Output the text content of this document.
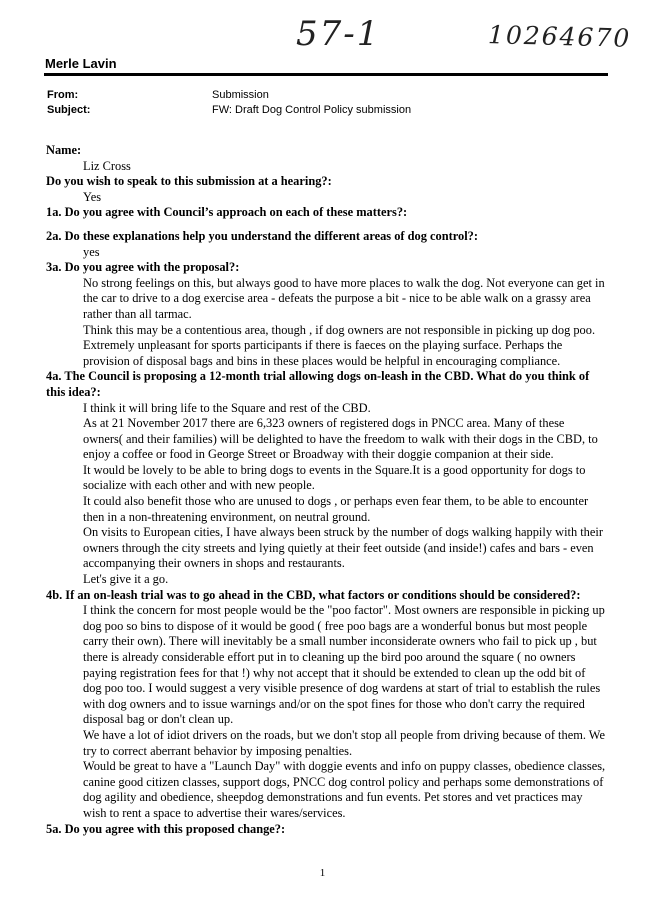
57-1	10264670
Merle Lavin
From:	Submission
Subject:	FW: Draft Dog Control Policy submission

Name:

Liz Cross

Do you wish to speak to this submission at a hearing?:

Yes

1a. Do you agree with Council’s approach on each of these matters?:

2a. Do these explanations help you understand the different areas of dog control?:

yes

3a. Do you agree with the proposal?:

No strong feelings on this, but always good to have more places to walk the dog. Not everyone can get in the car to drive to a dog exercise area - defeats the purpose a bit - nice to be able walk on a grassy area rather than all tarmac.

Think this may be a contentious area, though , if dog owners are not responsible in picking up dog poo. Extremely unpleasant for sports participants if there is faeces on the playing surface. Perhaps the provision of disposal bags and bins in these places would be helpful in encouraging compliance.

4a. The Council is proposing a 12-month trial allowing dogs on-leash in the CBD. What do you think of this idea?:

I think it will bring life to the Square and rest of the CBD.

As at 21 November 2017 there are 6,323 owners of registered dogs in PNCC area. Many of these owners( and their families) will be delighted to have the freedom to walk with their dogs in the CBD, to enjoy a coffee or food in George Street or Broadway with their doggie companion at their side.

It would be lovely to be able to bring dogs to events in the Square.It is a good opportunity for dogs to socialize with each other and with new people.

It could also benefit those who are unused to dogs , or perhaps even fear them, to be able to encounter then in a non-threatening environment, on neutral ground.

On visits to European cities, I have always been struck by the number of dogs walking happily with their owners through the city streets and lying quietly at their feet outside (and inside!) cafes and bars - even accompanying their owners in shops and restaurants.

Let's give it a go.

4b. If an on-leash trial was to go ahead in the CBD, what factors or conditions should be considered?:

I think the concern for most people would be the "poo factor". Most owners are responsible in picking up dog poo so bins to dispose of it would be good ( free poo bags are a wonderful bonus but most people carry their own). There will inevitably be a small number inconsiderate owners who fail to pick up , but there is already considerable effort put in to cleaning up the bird poo around the square ( no owners paying registration fees for that !) why not accept that it should be extended to clean up the odd bit of dog poo too. I would suggest a very visible presence of dog wardens at start of trial to establish the rules with dog owners and to issue warnings and/or on the spot fines for those who don't carry the required disposal bag or don't clean up.

We have a lot of idiot drivers on the roads, but we don't stop all people from driving because of them. We try to correct aberrant behavior by imposing penalties.

Would be great to have a "Launch Day" with doggie events and info on puppy classes, obedience classes, canine good citizen classes, support dogs, PNCC dog control policy and perhaps some demonstrations of dog agility and obedience, sheepdog demonstrations and fun events. Pet stores and vet practices may wish to rent a space to advertise their wares/services.

5a. Do you agree with this proposed change?:

1
